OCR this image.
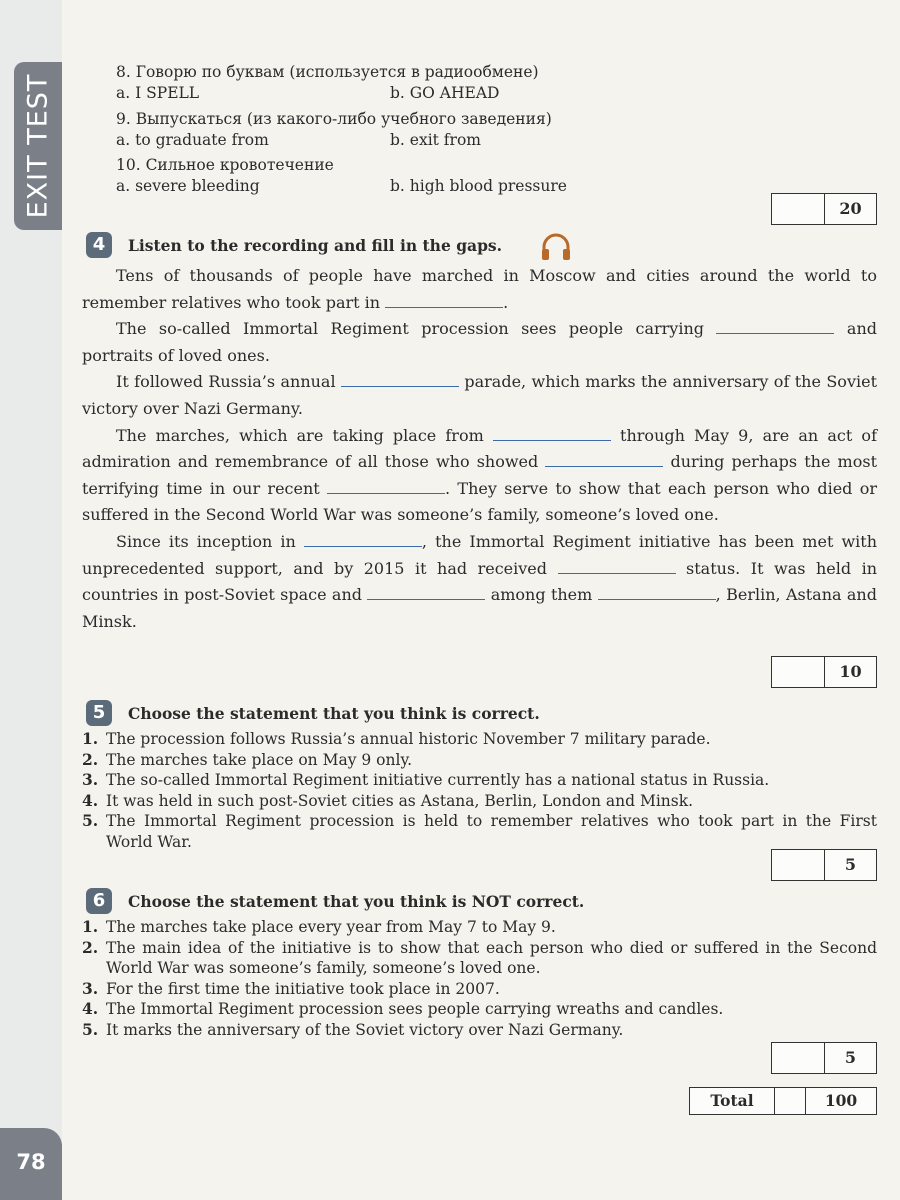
EXIT TEST
78
8. Говорю по буквам (используется в радиообмене)
a. I SPELL	b. GO AHEAD
9. Выпускаться (из какого-либо учебного заведения)
a. to graduate from	b. exit from
10. Сильное кровотечение
a. severe bleeding	b. high blood pressure
20
4	Listen to the recording and fill in the gaps.

Tens of thousands of people have marched in Moscow and cities around the world to remember relatives who took part in	.

The so-called Immortal Regiment procession sees people carrying	and portraits of loved ones.

It followed Russia’s annual	parade, which marks the anniversary of the Soviet victory over Nazi Germany.

The marches, which are taking place from	through May 9, are an act of admiration and remembrance of all those who showed	during perhaps the most terrifying time in our recent	. They serve to show that each person who died or suffered in the Second World War was someone’s family, someone’s loved one.

Since its inception in	, the Immortal Regiment initiative has been met with unprecedented support, and by 2015 it had received	status. It was held in countries in post-Soviet space and	among them	, Berlin, Astana and Minsk.

10
5	Choose the statement that you think is correct.
1. The procession follows Russia’s annual historic November 7 military parade.
2. The marches take place on May 9 only.
3. The so-called Immortal Regiment initiative currently has a national status in Russia.
4. It was held in such post-Soviet cities as Astana, Berlin, London and Minsk.
5. The Immortal Regiment procession is held to remember relatives who took part in the First World War.
5
6	Choose the statement that you think is NOT correct.
1. The marches take place every year from May 7 to May 9.
2. The main idea of the initiative is to show that each person who died or suffered in the Second World War was someone’s family, someone’s loved one.
3. For the first time the initiative took place in 2007.
4. The Immortal Regiment procession sees people carrying wreaths and candles.
5. It marks the anniversary of the Soviet victory over Nazi Germany.
5
Total	100
